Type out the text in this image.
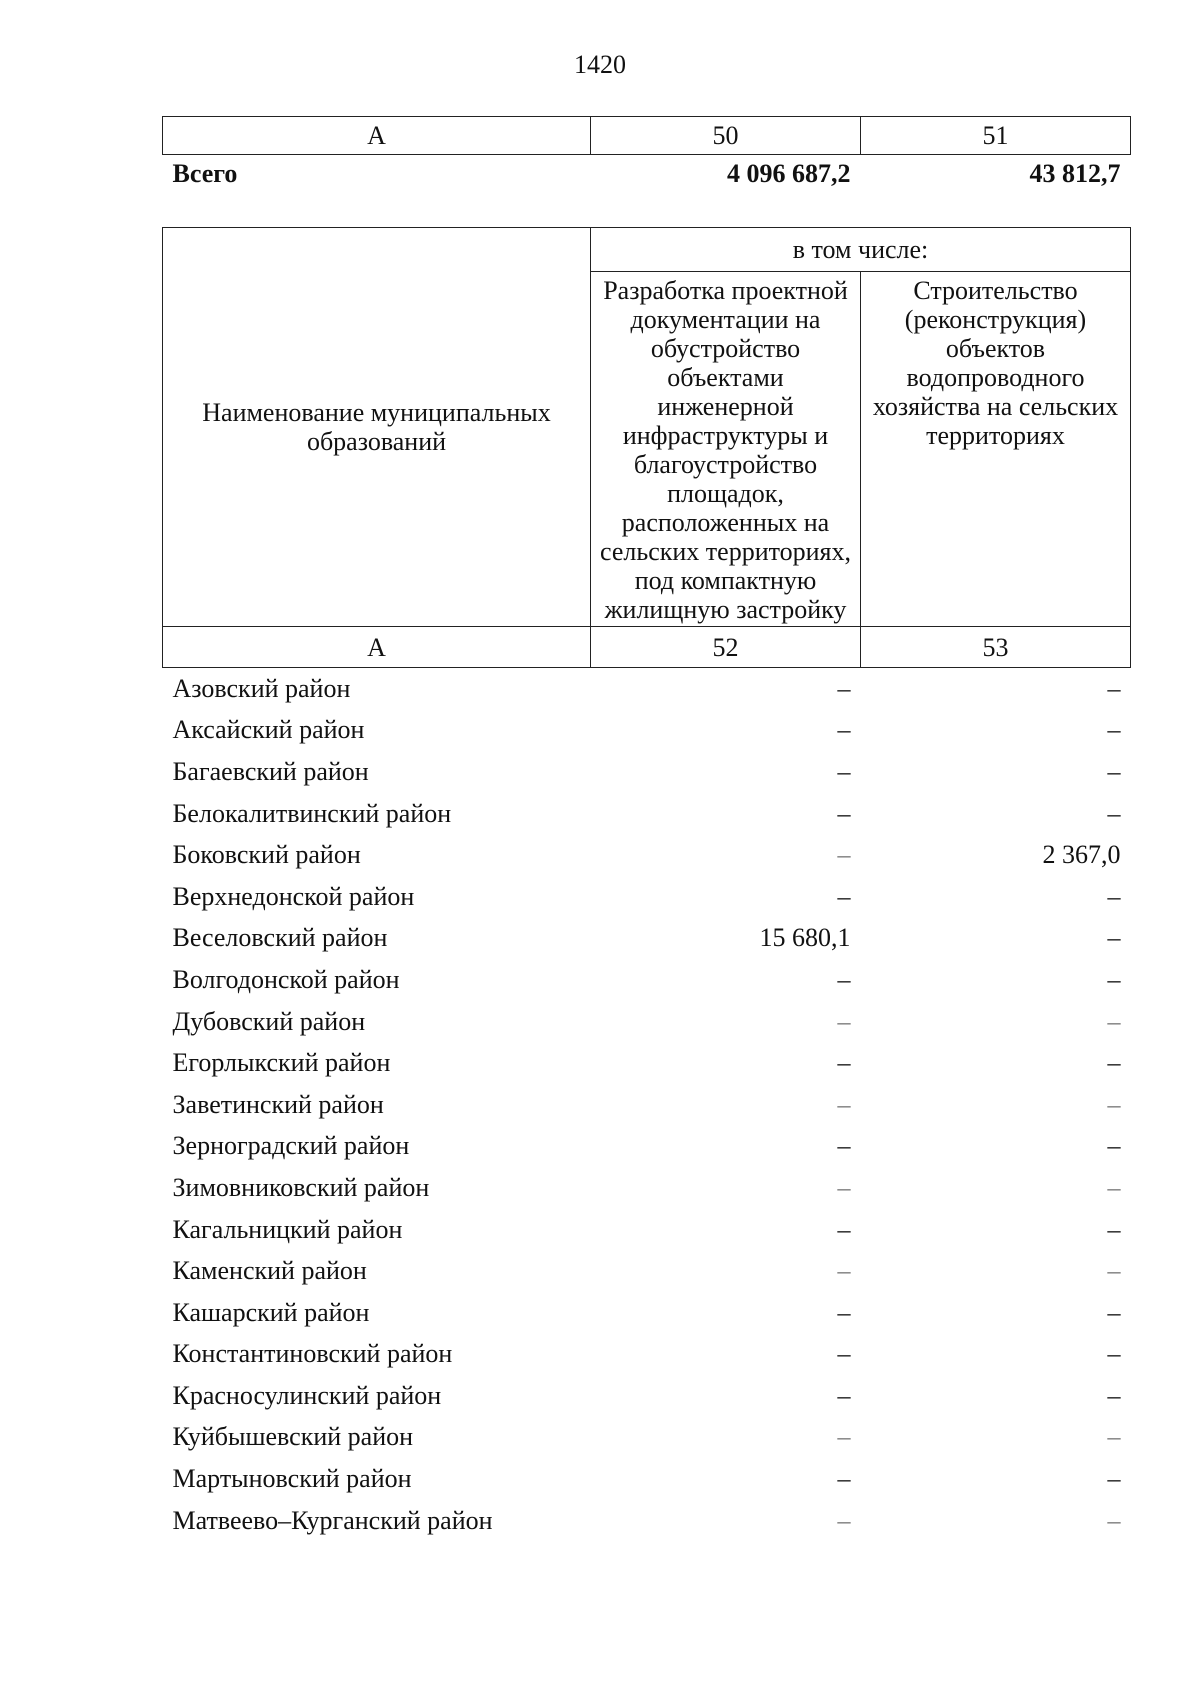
1420
А	50	51
Всего	4 096 687,2	43 812,7
Наименование муниципальных образований	в том числе:	
	Разработка проектной документации на обустройство объектами инженерной инфраструктуры и благоустройство площадок, расположенных на сельских территориях, под компактную жилищную застройку	Строительство (реконструкция) объектов водопроводного хозяйства на сельских территориях
А	52	53
Азовский район	–	–
Аксайский район	–	–
Багаевский район	–	–
Белокалитвинский район	–	–
Боковский район	–	2 367,0
Верхнедонской район	–	–
Веселовский район	15 680,1	–
Волгодонской район	–	–
Дубовский район	–	–
Егорлыкский район	–	–
Заветинский район	–	–
Зерноградский район	–	–
Зимовниковский район	–	–
Кагальницкий район	–	–
Каменский район	–	–
Кашарский район	–	–
Константиновский район	–	–
Красносулинский район	–	–
Куйбышевский район	–	–
Мартыновский район	–	–
Матвеево–Курганский район	–	–
